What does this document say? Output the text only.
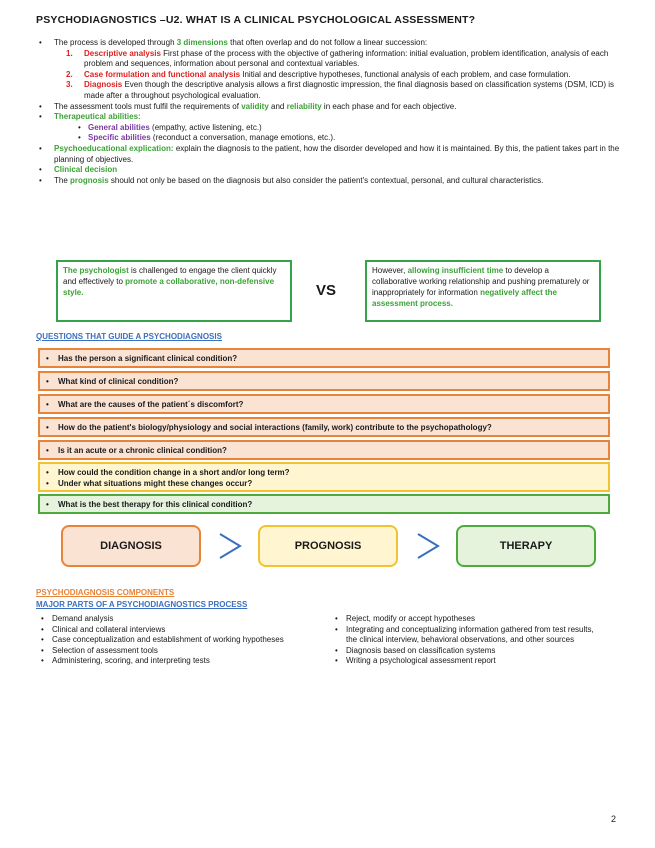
PSYCHODIAGNOSTICS –U2. WHAT IS A CLINICAL PSYCHOLOGICAL ASSESSMENT?
• The process is developed through 3 dimensions that often overlap and do not follow a linear succession:
1. Descriptive analysis First phase of the process with the objective of gathering information: initial evaluation, problem identification, analysis of each problem and sequences, information about personal and contextual variables.
2. Case formulation and functional analysis Initial and descriptive hypotheses, functional analysis of each problem, and case formulation.
3. Diagnosis Even though the descriptive analysis allows a first diagnostic impression, the final diagnosis based on classification systems (DSM, ICD) is made after a throughout psychological evaluation.
• The assessment tools must fulfil the requirements of validity and reliability in each phase and for each objective.
• Therapeutical abilities:
• General abilities (empathy, active listening, etc.)
• Specific abilities (reconduct a conversation, manage emotions, etc.).
• Psychoeducational explication: explain the diagnosis to the patient, how the disorder developed and how it is maintained. By this, the patient takes part in the planning of objectives.
• Clinical decision
• The prognosis should not only be based on the diagnosis but also consider the patient's contextual, personal, and cultural characteristics.
The psychologist is challenged to engage the client quickly and effectively to promote a collaborative, non-defensive style.	VS
However, allowing insufficient time to develop a collaborative working relationship and pushing prematurely or inappropriately for information negatively affect the assessment process.
QUESTIONS THAT GUIDE A PSYCHODIAGNOSIS
• Has the person a significant clinical condition?
• What kind of clinical condition?
• What are the causes of the patient´s discomfort?
• How do the patient's biology/physiology and social interactions (family, work) contribute to the psychopathology?
• Is it an acute or a chronic clinical condition?
• How could the condition change in a short and/or long term?
• Under what situations might these changes occur?
• What is the best therapy for this clinical condition?
DIAGNOSIS	PROGNOSIS	THERAPY
PSYCHODIAGNOSIS COMPONENTS
MAJOR PARTS OF A PSYCHODIAGNOSTICS PROCESS
• Demand analysis
• Clinical and collateral interviews
• Case conceptualization and establishment of working hypotheses
• Selection of assessment tools
• Administering, scoring, and interpreting tests
• Reject, modify or accept hypotheses
• Integrating and conceptualizing information gathered from test results, the clinical interview, behavioral observations, and other sources
• Diagnosis based on classification systems
• Writing a psychological assessment report
2
